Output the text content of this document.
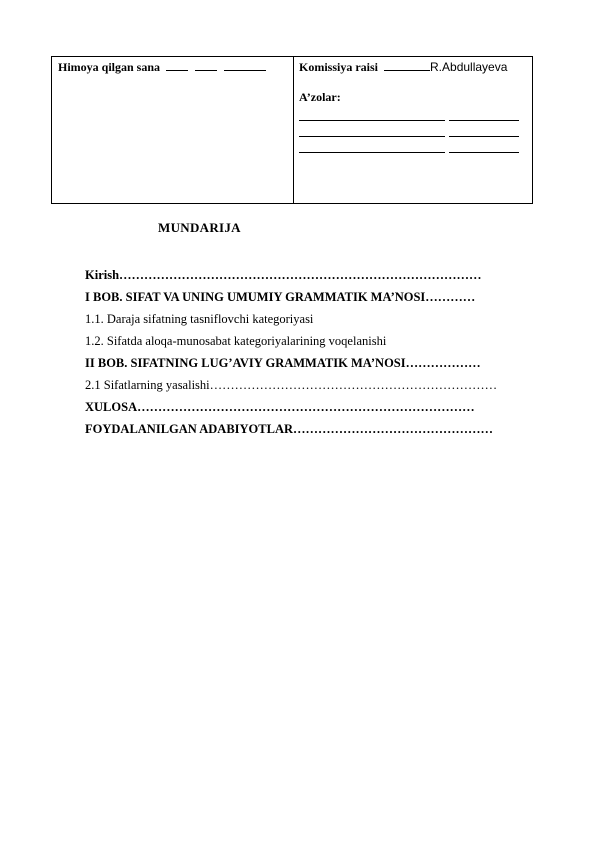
Himoya qilgan sana	Komissiya raisi	R.Abdullayeva
A’zolar:
MUNDARIJA
Kirish……………………………………………………………………………
I BOB. SIFAT VA UNING UMUMIY GRAMMATIK MA’NOSI…………
1.1. Daraja sifatning tasniflovchi kategoriyasi
1.2. Sifatda aloqa-munosabat kategoriyalarining voqelanishi
II BOB. SIFATNING LUG’AVIY GRAMMATIK MA’NOSI………………
2.1 Sifatlarning yasalishi……………………………………………………………
XULOSA………………………………………………………………………
FOYDALANILGAN ADABIYOTLAR…………………………………………
